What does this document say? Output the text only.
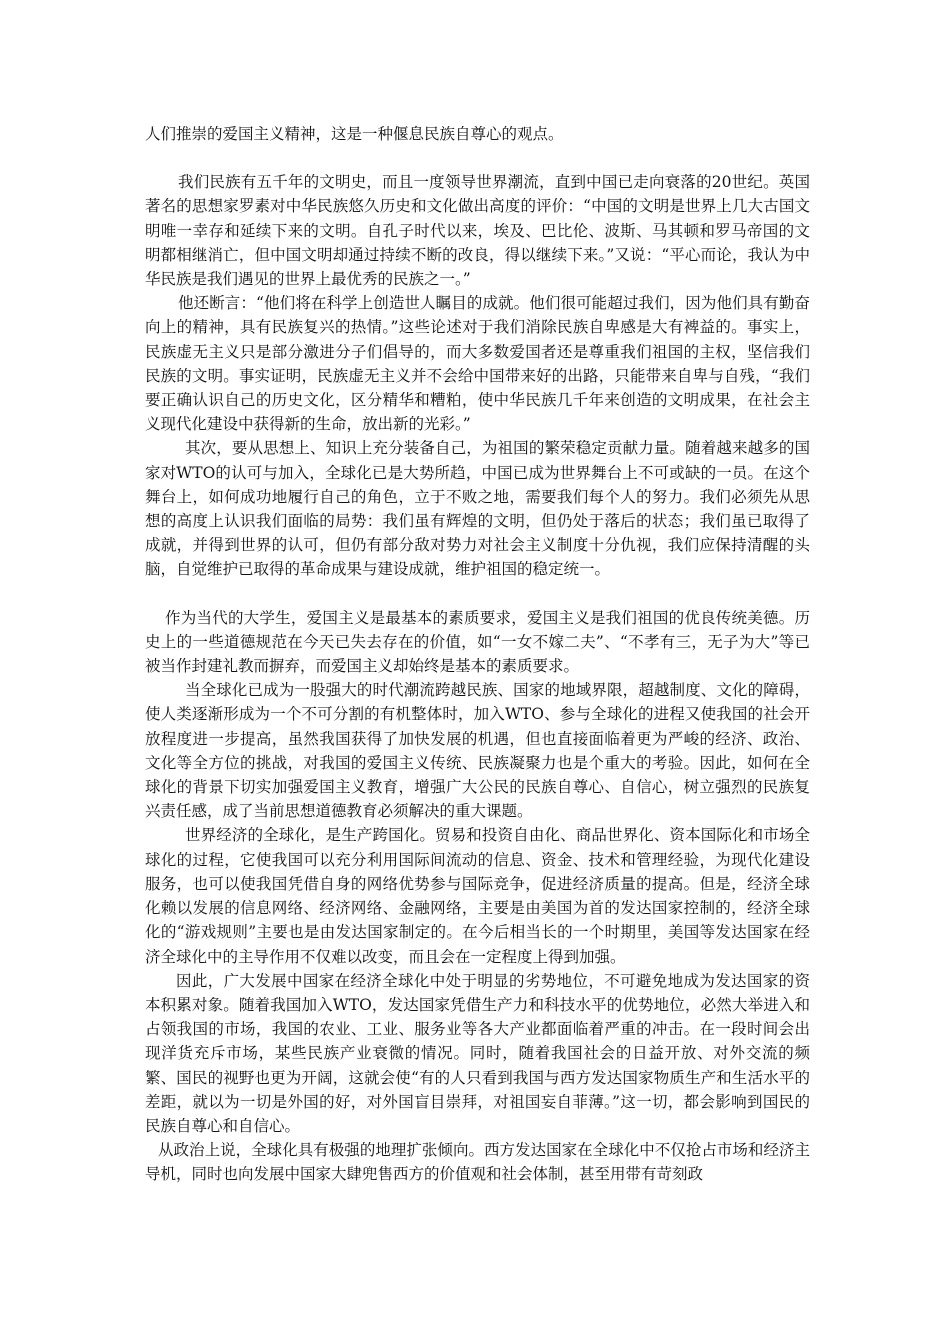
人们推崇的爱国主义精神，这是一种偃息民族自尊心的观点。

我们民族有五千年的文明史，而且一度领导世界潮流，直到中国已走向衰落的20世纪。英国著名的思想家罗素对中华民族悠久历史和文化做出高度的评价：“中国的文明是世界上几大古国文明唯一幸存和延续下来的文明。自孔子时代以来，埃及、巴比伦、波斯、马其顿和罗马帝国的文明都相继消亡，但中国文明却通过持续不断的改良，得以继续下来。”又说：“平心而论，我认为中华民族是我们遇见的世界上最优秀的民族之一。”

他还断言：“他们将在科学上创造世人瞩目的成就。他们很可能超过我们，因为他们具有勤奋向上的精神，具有民族复兴的热情。”这些论述对于我们消除民族自卑感是大有裨益的。事实上，民族虚无主义只是部分激进分子们倡导的，而大多数爱国者还是尊重我们祖国的主权，坚信我们民族的文明。事实证明，民族虚无主义并不会给中国带来好的出路，只能带来自卑与自残，“我们要正确认识自己的历史文化，区分精华和糟粕，使中华民族几千年来创造的文明成果，在社会主义现代化建设中获得新的生命，放出新的光彩。”

其次，要从思想上、知识上充分装备自己，为祖国的繁荣稳定贡献力量。随着越来越多的国家对WTO的认可与加入，全球化已是大势所趋，中国已成为世界舞台上不可或缺的一员。在这个舞台上，如何成功地履行自己的角色，立于不败之地，需要我们每个人的努力。我们必须先从思想的高度上认识我们面临的局势：我们虽有辉煌的文明，但仍处于落后的状态；我们虽已取得了成就，并得到世界的认可，但仍有部分敌对势力对社会主义制度十分仇视，我们应保持清醒的头脑，自觉维护已取得的革命成果与建设成就，维护祖国的稳定统一。

作为当代的大学生，爱国主义是最基本的素质要求，爱国主义是我们祖国的优良传统美德。历史上的一些道德规范在今天已失去存在的价值，如“一女不嫁二夫”、“不孝有三，无子为大”等已被当作封建礼教而摒弃，而爱国主义却始终是基本的素质要求。

当全球化已成为一股强大的时代潮流跨越民族、国家的地域界限，超越制度、文化的障碍，使人类逐渐形成为一个不可分割的有机整体时，加入WTO、参与全球化的进程又使我国的社会开放程度进一步提高，虽然我国获得了加快发展的机遇，但也直接面临着更为严峻的经济、政治、文化等全方位的挑战，对我国的爱国主义传统、民族凝聚力也是个重大的考验。因此，如何在全球化的背景下切实加强爱国主义教育，增强广大公民的民族自尊心、自信心，树立强烈的民族复兴责任感，成了当前思想道德教育必须解决的重大课题。

世界经济的全球化，是生产跨国化。贸易和投资自由化、商品世界化、资本国际化和市场全球化的过程，它使我国可以充分利用国际间流动的信息、资金、技术和管理经验，为现代化建设服务，也可以使我国凭借自身的网络优势参与国际竞争，促进经济质量的提高。但是，经济全球化赖以发展的信息网络、经济网络、金融网络，主要是由美国为首的发达国家控制的，经济全球化的“游戏规则”主要也是由发达国家制定的。在今后相当长的一个时期里，美国等发达国家在经济全球化中的主导作用不仅难以改变，而且会在一定程度上得到加强。

因此，广大发展中国家在经济全球化中处于明显的劣势地位，不可避免地成为发达国家的资本积累对象。随着我国加入WTO，发达国家凭借生产力和科技水平的优势地位，必然大举进入和占领我国的市场，我国的农业、工业、服务业等各大产业都面临着严重的冲击。在一段时间会出现洋货充斥市场，某些民族产业衰微的情况。同时，随着我国社会的日益开放、对外交流的频繁、国民的视野也更为开阔，这就会使“有的人只看到我国与西方发达国家物质生产和生活水平的差距，就以为一切是外国的好，对外国盲目崇拜，对祖国妄自菲薄。”这一切，都会影响到国民的民族自尊心和自信心。

从政治上说，全球化具有极强的地理扩张倾向。西方发达国家在全球化中不仅抢占市场和经济主导机，同时也向发展中国家大肆兜售西方的价值观和社会体制，甚至用带有苛刻政
